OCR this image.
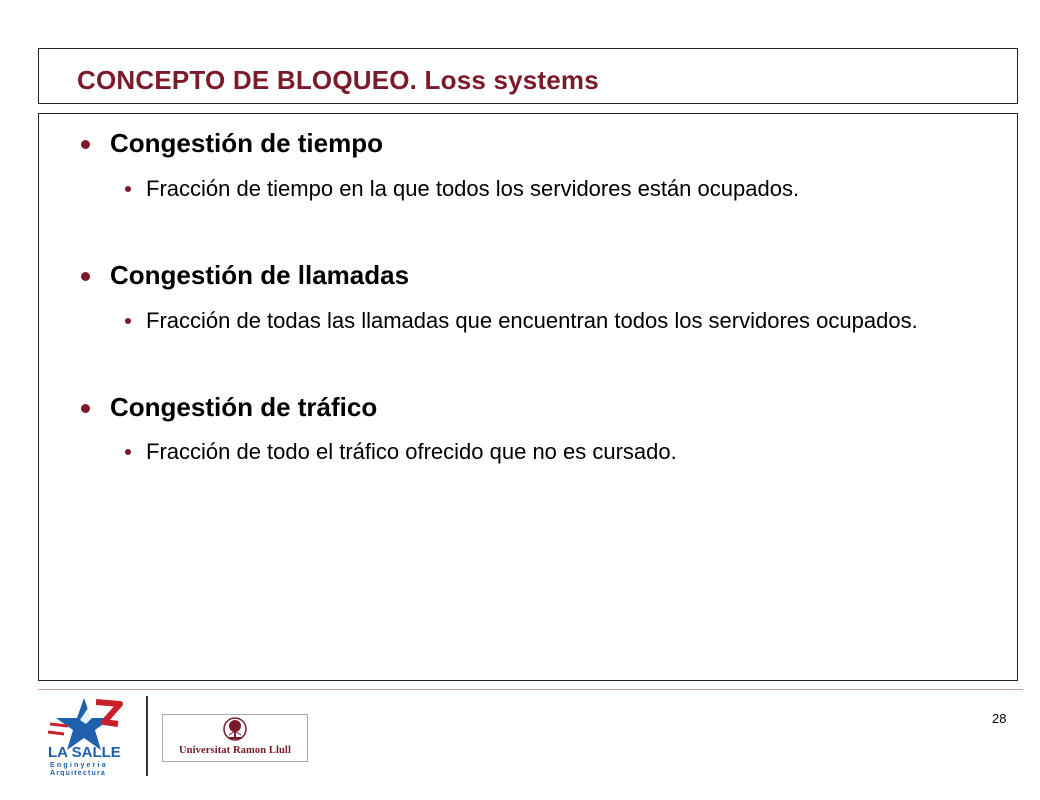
CONCEPTO DE BLOQUEO. Loss systems
Congestión de tiempo
Fracción de tiempo en la que todos los servidores están ocupados.
Congestión de llamadas
Fracción de todas las llamadas que encuentran todos los servidores ocupados.
Congestión de tráfico
Fracción de todo el tráfico ofrecido que no es cursado.
LA SALLE
Enginyeria
Arquitectura
Universitat Ramon Llull
28
